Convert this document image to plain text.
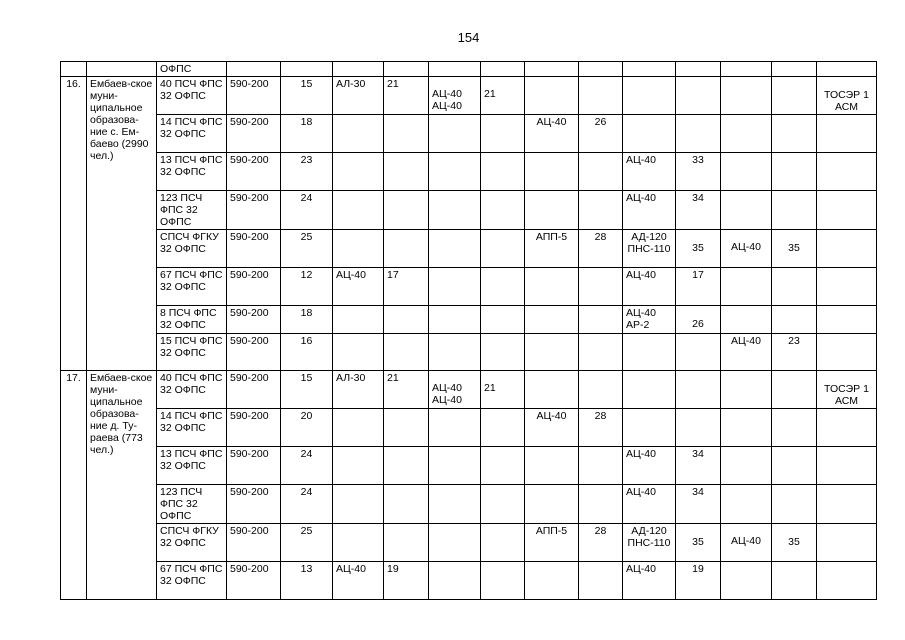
154
		ОФПС													
16.	Ембаев-ское муни-ципальное образова-ние с. Ем-баево (2990 чел.)	40 ПСЧ ФПС 32 ОФПС	590-200	15	АЛ-30	21	АЦ-40 АЦ-40	21							ТОСЭР 1 АСМ

		14 ПСЧ ФПС 32 ОФПС	590-200	18					АЦ-40	26					
		13 ПСЧ ФПС 32 ОФПС	590-200	23							АЦ-40	33			
		123 ПСЧ ФПС 32 ОФПС	590-200	24							АЦ-40	34			
		СПСЧ ФГКУ 32 ОФПС	590-200	25					АПП-5	28	АД-120 ПНС-110	35	АЦ-40	35	

		67 ПСЧ ФПС 32 ОФПС	590-200	12	АЦ-40	17					АЦ-40	17			
		8 ПСЧ ФПС 32 ОФПС	590-200	18							АЦ-40 АР-2	26			

		15 ПСЧ ФПС 32 ОФПС	590-200	16									АЦ-40	23	
17.	Ембаев-ское муни-ципальное образова-ние д. Ту-раева (773 чел.)	40 ПСЧ ФПС 32 ОФПС	590-200	15	АЛ-30	21	АЦ-40 АЦ-40	21							ТОСЭР 1 АСМ

		14 ПСЧ ФПС 32 ОФПС	590-200	20					АЦ-40	28					
		13 ПСЧ ФПС 32 ОФПС	590-200	24							АЦ-40	34			
		123 ПСЧ ФПС 32 ОФПС	590-200	24							АЦ-40	34			
		СПСЧ ФГКУ 32 ОФПС	590-200	25					АПП-5	28	АД-120 ПНС-110	35	АЦ-40	35	

		67 ПСЧ ФПС 32 ОФПС	590-200	13	АЦ-40	19					АЦ-40	19			
